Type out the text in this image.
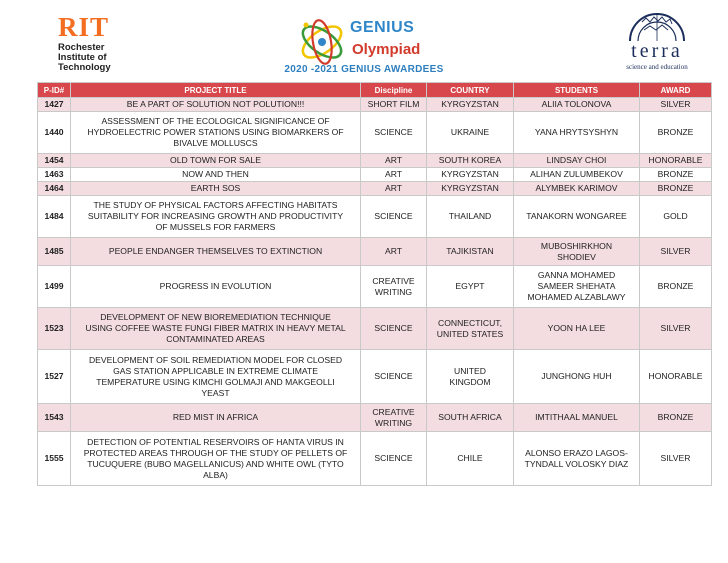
RIT
Rochester
Institute of
Technology
GENIUS
Olympiad
2020 -2021 GENIUS AWARDEES
terra
science and education
P-ID#	PROJECT TITLE	Discipline	COUNTRY	STUDENTS	AWARD
1427	BE A PART OF SOLUTION NOT POLUTION!!!	SHORT FILM	KYRGYZSTAN	ALIIA TOLONOVA	SILVER
1440	ASSESSMENT OF THE ECOLOGICAL SIGNIFICANCE OF
HYDROELECTRIC POWER STATIONS USING BIOMARKERS OF
BIVALVE MOLLUSCS	SCIENCE	UKRAINE	YANA HRYTSYSHYN	BRONZE
1454	OLD TOWN FOR SALE	ART	SOUTH KOREA	LINDSAY CHOI	HONORABLE
1463	NOW AND THEN	ART	KYRGYZSTAN	ALIHAN ZULUMBEKOV	BRONZE
1464	EARTH SOS	ART	KYRGYZSTAN	ALYMBEK KARIMOV	BRONZE
1484	THE STUDY OF PHYSICAL FACTORS AFFECTING HABITATS
SUITABILITY FOR INCREASING GROWTH AND PRODUCTIVITY
OF MUSSELS FOR FARMERS	SCIENCE	THAILAND	TANAKORN WONGAREE	GOLD
1485	PEOPLE ENDANGER THEMSELVES TO EXTINCTION	ART	TAJIKISTAN	MUBOSHIRKHON
SHODIEV	SILVER
1499	PROGRESS IN EVOLUTION	CREATIVE
WRITING	EGYPT	GANNA MOHAMED
SAMEER SHEHATA
MOHAMED ALZABLAWY	BRONZE
1523	DEVELOPMENT OF NEW BIOREMEDIATION TECHNIQUE
USING COFFEE WASTE FUNGI FIBER MATRIX IN HEAVY METAL
CONTAMINATED AREAS	SCIENCE	CONNECTICUT,
UNITED STATES	YOON HA LEE	SILVER
1527	DEVELOPMENT OF SOIL REMEDIATION MODEL FOR CLOSED
GAS STATION APPLICABLE IN EXTREME CLIMATE
TEMPERATURE USING KIMCHI GOLMAJI AND MAKGEOLLI
YEAST	SCIENCE	UNITED
KINGDOM	JUNGHONG HUH	HONORABLE
1543	RED MIST IN AFRICA	CREATIVE
WRITING	SOUTH AFRICA	IMTITHAAL MANUEL	BRONZE
1555	DETECTION OF POTENTIAL RESERVOIRS OF HANTA VIRUS IN
PROTECTED AREAS THROUGH OF THE STUDY OF PELLETS OF
TUCUQUERE (BUBO MAGELLANICUS) AND WHITE OWL (TYTO
ALBA)	SCIENCE	CHILE	ALONSO ERAZO LAGOS-
TYNDALL VOLOSKY DIAZ	SILVER
